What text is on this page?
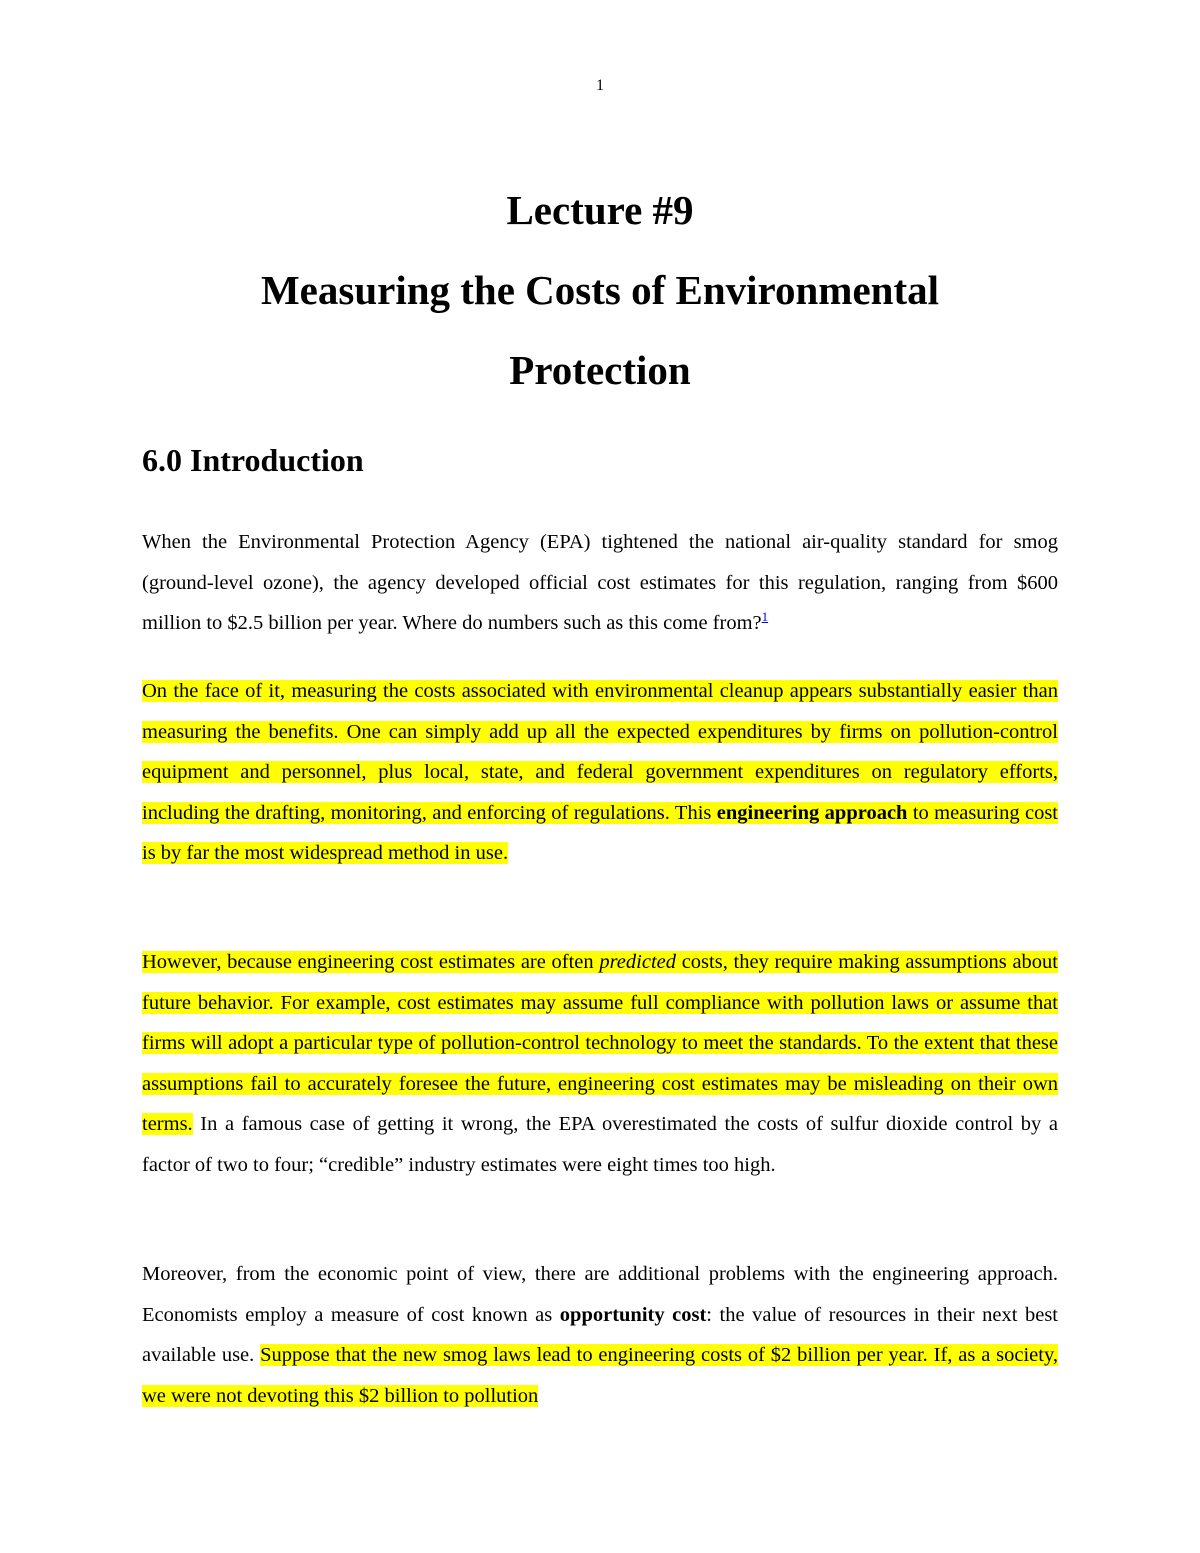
1
Lecture #9
Measuring the Costs of Environmental
Protection
6.0 Introduction

When the Environmental Protection Agency (EPA) tightened the national air-quality standard for smog (ground-level ozone), the agency developed official cost estimates for this regulation, ranging from $600 million to $2.5 billion per year. Where do numbers such as this come from?$^1$

On the face of it, measuring the costs associated with environmental cleanup appears substantially easier than measuring the benefits. One can simply add up all the expected expenditures by firms on pollution-control equipment and personnel, plus local, state, and federal government expenditures on regulatory efforts, including the drafting, monitoring, and enforcing of regulations. This engineering approach to measuring cost is by far the most widespread method in use.

However, because engineering cost estimates are often predicted costs, they require making assumptions about future behavior. For example, cost estimates may assume full compliance with pollution laws or assume that firms will adopt a particular type of pollution-control technology to meet the standards. To the extent that these assumptions fail to accurately foresee the future, engineering cost estimates may be misleading on their own terms. In a famous case of getting it wrong, the EPA overestimated the costs of sulfur dioxide control by a factor of two to four; “credible” industry estimates were eight times too high.

Moreover, from the economic point of view, there are additional problems with the engineering approach. Economists employ a measure of cost known as opportunity cost: the value of resources in their next best available use. Suppose that the new smog laws lead to engineering costs of $2 billion per year. If, as a society, we were not devoting this $2 billion to pollution
